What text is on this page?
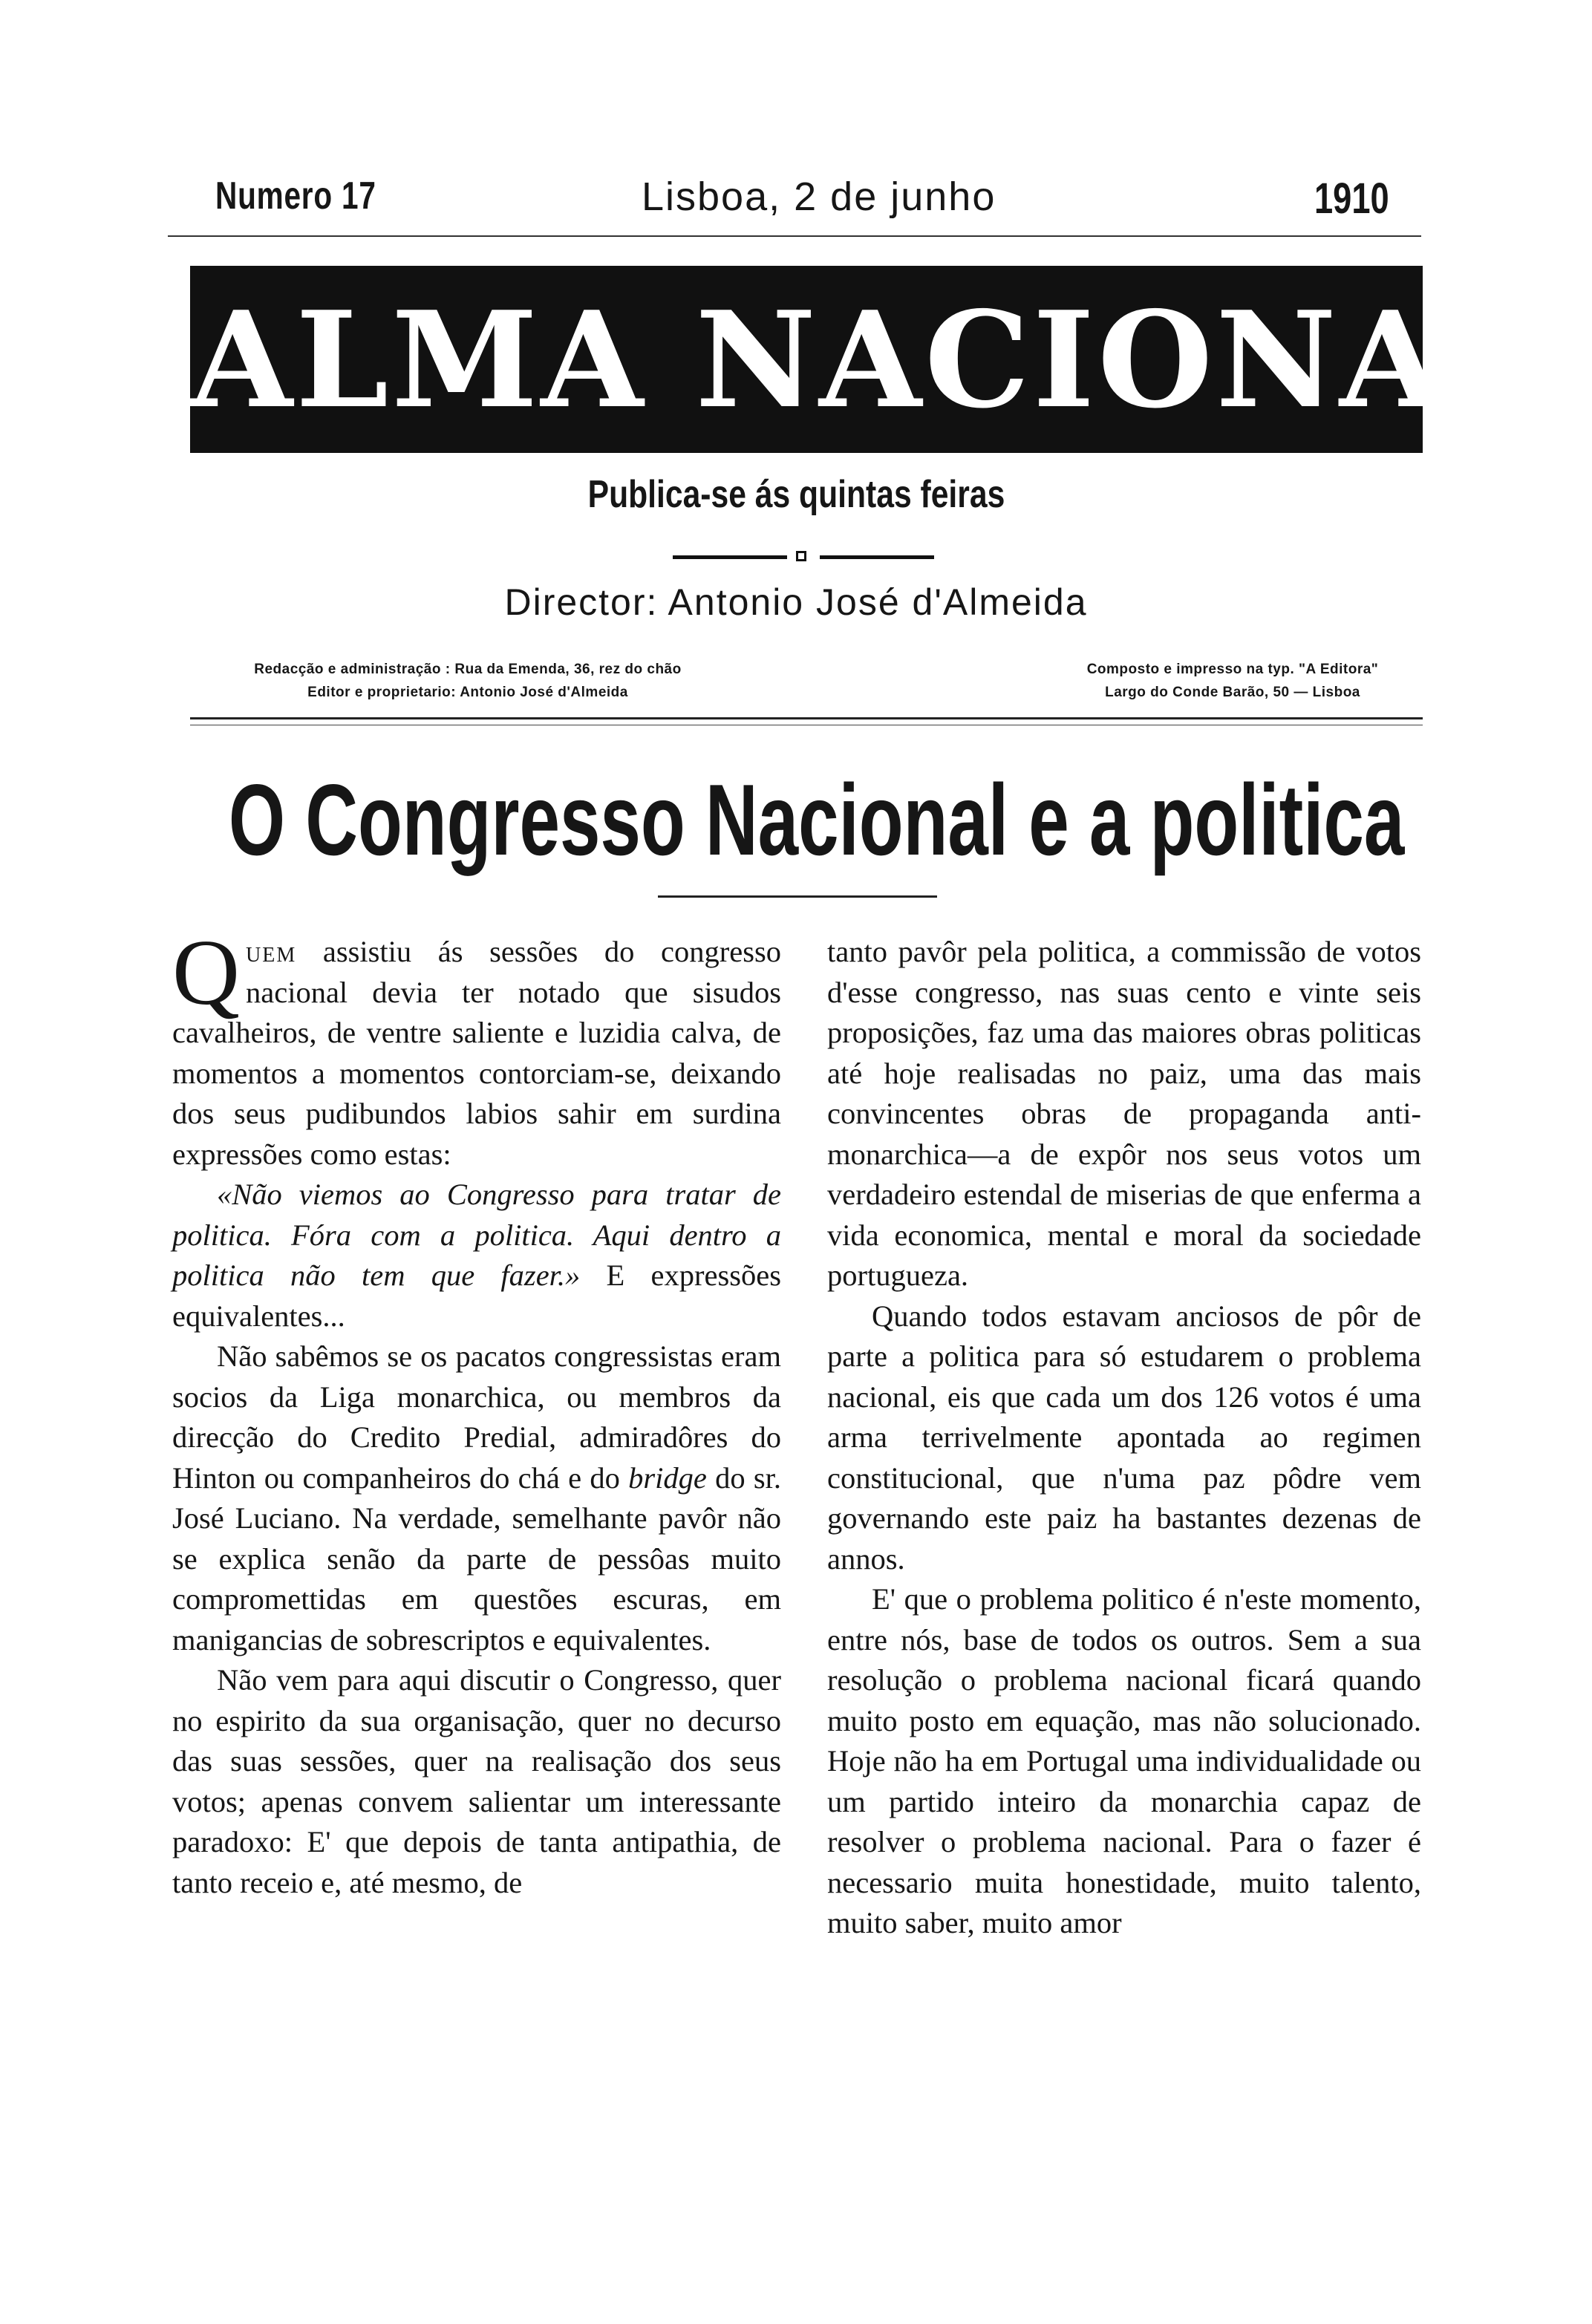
Numero 17	Lisboa, 2 de junho	1910
ALMA NACIONAL
Publica-se ás quintas feiras
Director: Antonio José d'Almeida
Redacção e administração : Rua da Emenda, 36, rez do chão
Editor e proprietario: Antonio José d'Almeida
Composto e impresso na typ. "A Editora"
Largo do Conde Barão, 50 — Lisboa
O Congresso Nacional e a politica

Quem assistiu ás sessões do congresso nacional devia ter notado que sisudos cavalheiros, de ventre saliente e luzidia calva, de momentos a momentos contorciam-se, deixando dos seus pudibundos labios sahir em surdina expressões como estas:

«Não viemos ao Congresso para tratar de politica. Fóra com a politica. Aqui dentro a politica não tem que fazer.» E expressões equivalentes...

Não sabêmos se os pacatos congressistas eram socios da Liga monarchica, ou membros da direcção do Credito Predial, admiradôres do Hinton ou companheiros do chá e do bridge do sr. José Luciano. Na verdade, semelhante pavôr não se explica senão da parte de pessôas muito compromettidas em questões escuras, em manigancias de sobrescriptos e equivalentes.

Não vem para aqui discutir o Congresso, quer no espirito da sua organisação, quer no decurso das suas sessões, quer na realisação dos seus votos; apenas convem salientar um interessante paradoxo: E' que depois de tanta antipathia, de tanto receio e, até mesmo, de

tanto pavôr pela politica, a commissão de votos d'esse congresso, nas suas cento e vinte seis proposições, faz uma das maiores obras politicas até hoje realisadas no paiz, uma das mais convincentes obras de propaganda anti-monarchica—a de expôr nos seus votos um verdadeiro estendal de miserias de que enferma a vida economica, mental e moral da sociedade portugueza.

Quando todos estavam anciosos de pôr de parte a politica para só estudarem o problema nacional, eis que cada um dos 126 votos é uma arma terrivelmente apontada ao regimen constitucional, que n'uma paz pôdre vem governando este paiz ha bastantes dezenas de annos.

E' que o problema politico é n'este momento, entre nós, base de todos os outros. Sem a sua resolução o problema nacional ficará quando muito posto em equação, mas não solucionado. Hoje não ha em Portugal uma individualidade ou um partido inteiro da monarchia capaz de resolver o problema nacional. Para o fazer é necessario muita honestidade, muito talento, muito saber, muito amor
